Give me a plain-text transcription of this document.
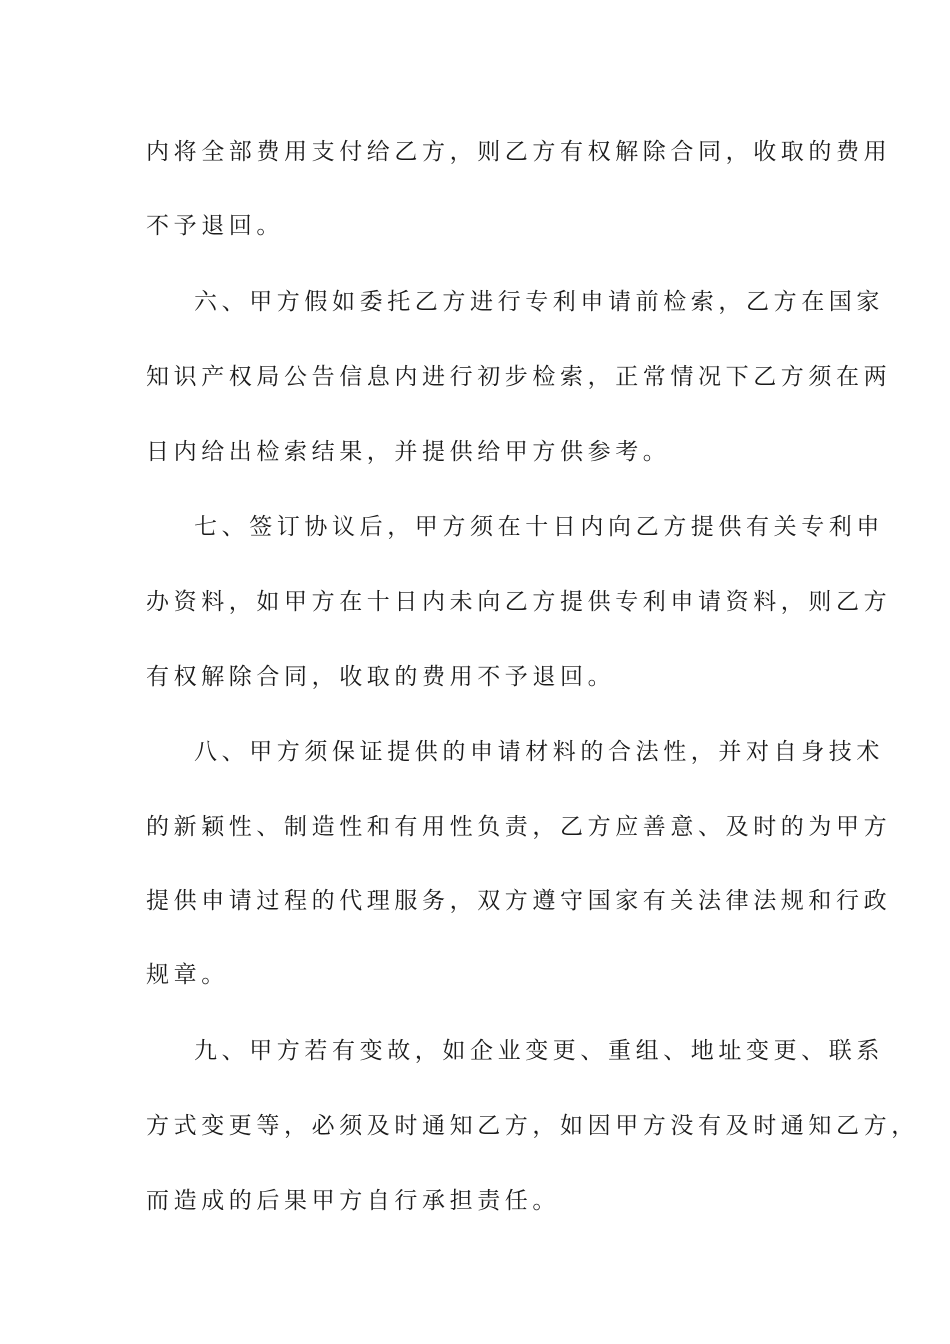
内将全部费用支付给乙方，则乙方有权解除合同，收取的费用
不予退回。
六、甲方假如委托乙方进行专利申请前检索，乙方在国家
知识产权局公告信息内进行初步检索，正常情况下乙方须在两
日内给出检索结果，并提供给甲方供参考。
七、签订协议后，甲方须在十日内向乙方提供有关专利申
办资料，如甲方在十日内未向乙方提供专利申请资料，则乙方
有权解除合同，收取的费用不予退回。
八、甲方须保证提供的申请材料的合法性，并对自身技术
的新颖性、制造性和有用性负责，乙方应善意、及时的为甲方
提供申请过程的代理服务，双方遵守国家有关法律法规和行政
规章。
九、甲方若有变故，如企业变更、重组、地址变更、联系
方式变更等，必须及时通知乙方，如因甲方没有及时通知乙方，
而造成的后果甲方自行承担责任。
